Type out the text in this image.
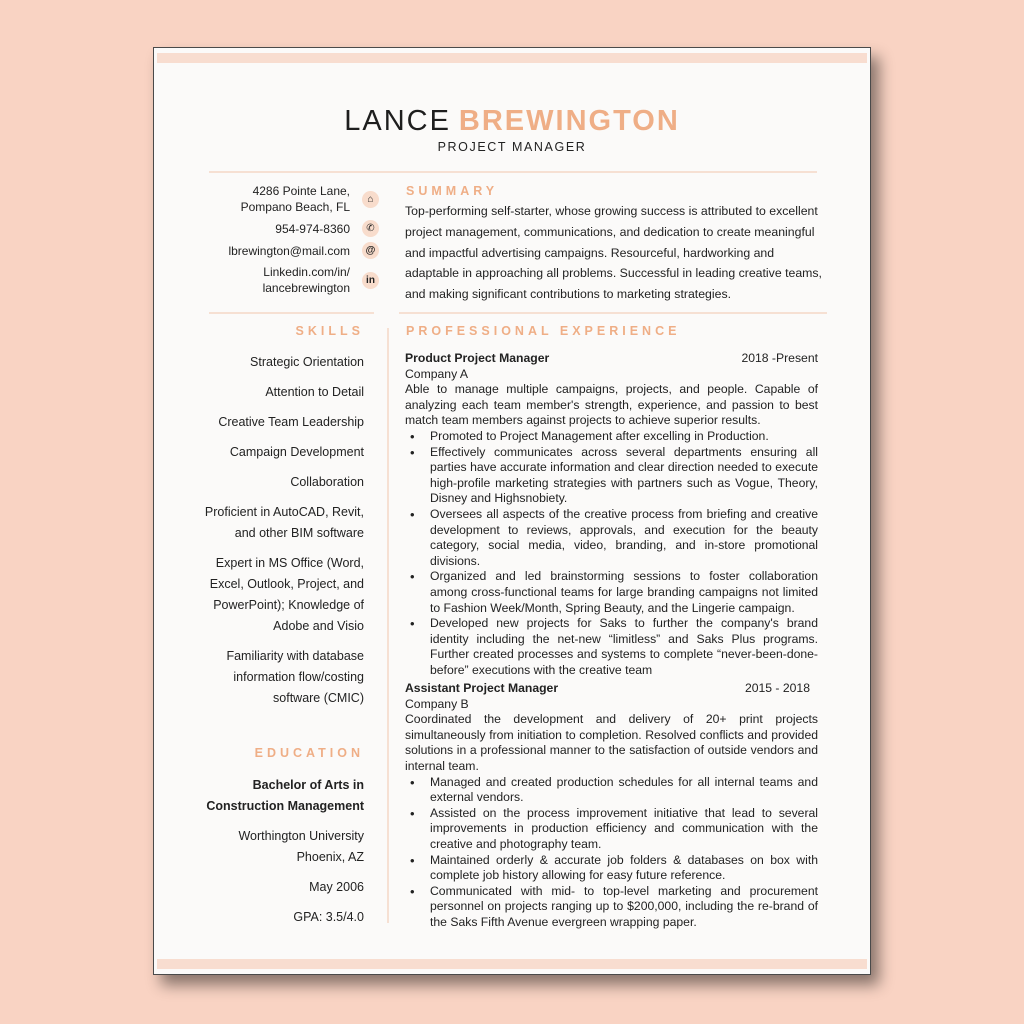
LANCE BREWINGTON
PROJECT MANAGER
4286 Pointe Lane,
Pompano Beach, FL
⌂
954-974-8360	✆
lbrewington@mail.com	@
Linkedin.com/in/
lancebrewington
in
SKILLS
Strategic Orientation
Attention to Detail
Creative Team Leadership
Campaign Development
Collaboration
Proficient in AutoCAD, Revit,
and other BIM software
Expert in MS Office (Word,
Excel, Outlook, Project, and
PowerPoint); Knowledge of
Adobe and Visio
Familiarity with database
information flow/costing
software (CMIC)
EDUCATION
Bachelor of Arts in
Construction Management
Worthington University
Phoenix, AZ
May 2006
GPA: 3.5/4.0
SUMMARY
Top-performing self-starter, whose growing success is attributed to excellent project management, communications, and dedication to create meaningful and impactful advertising campaigns. Resourceful, hardworking and adaptable in approaching all problems. Successful in leading creative teams, and making significant contributions to marketing strategies.
PROFESSIONAL EXPERIENCE
Product Project Manager	2018 -Present
Company A
Able to manage multiple campaigns, projects, and people. Capable of analyzing each team member's strength, experience, and passion to best match team members against projects to achieve superior results.
• Promoted to Project Management after excelling in Production.
• Effectively communicates across several departments ensuring all parties have accurate information and clear direction needed to execute high-profile marketing strategies with partners such as Vogue, Theory, Disney and Highsnobiety.
• Oversees all aspects of the creative process from briefing and creative development to reviews, approvals, and execution for the beauty category, social media, video, branding, and in-store promotional divisions.
• Organized and led brainstorming sessions to foster collaboration among cross-functional teams for large branding campaigns not limited to Fashion Week/Month, Spring Beauty, and the Lingerie campaign.
• Developed new projects for Saks to further the company's brand identity including the net-new “limitless” and Saks Plus programs. Further created processes and systems to complete “never-been-done-before” executions with the creative team
Assistant Project Manager	2015 - 2018
Company B
Coordinated the development and delivery of 20+ print projects simultaneously from initiation to completion. Resolved conflicts and provided solutions in a professional manner to the satisfaction of outside vendors and internal team.
• Managed and created production schedules for all internal teams and external vendors.
• Assisted on the process improvement initiative that lead to several improvements in production efficiency and communication with the creative and photography team.
• Maintained orderly & accurate job folders & databases on box with complete job history allowing for easy future reference.
• Communicated with mid- to top-level marketing and procurement personnel on projects ranging up to $200,000, including the re-brand of the Saks Fifth Avenue evergreen wrapping paper.
